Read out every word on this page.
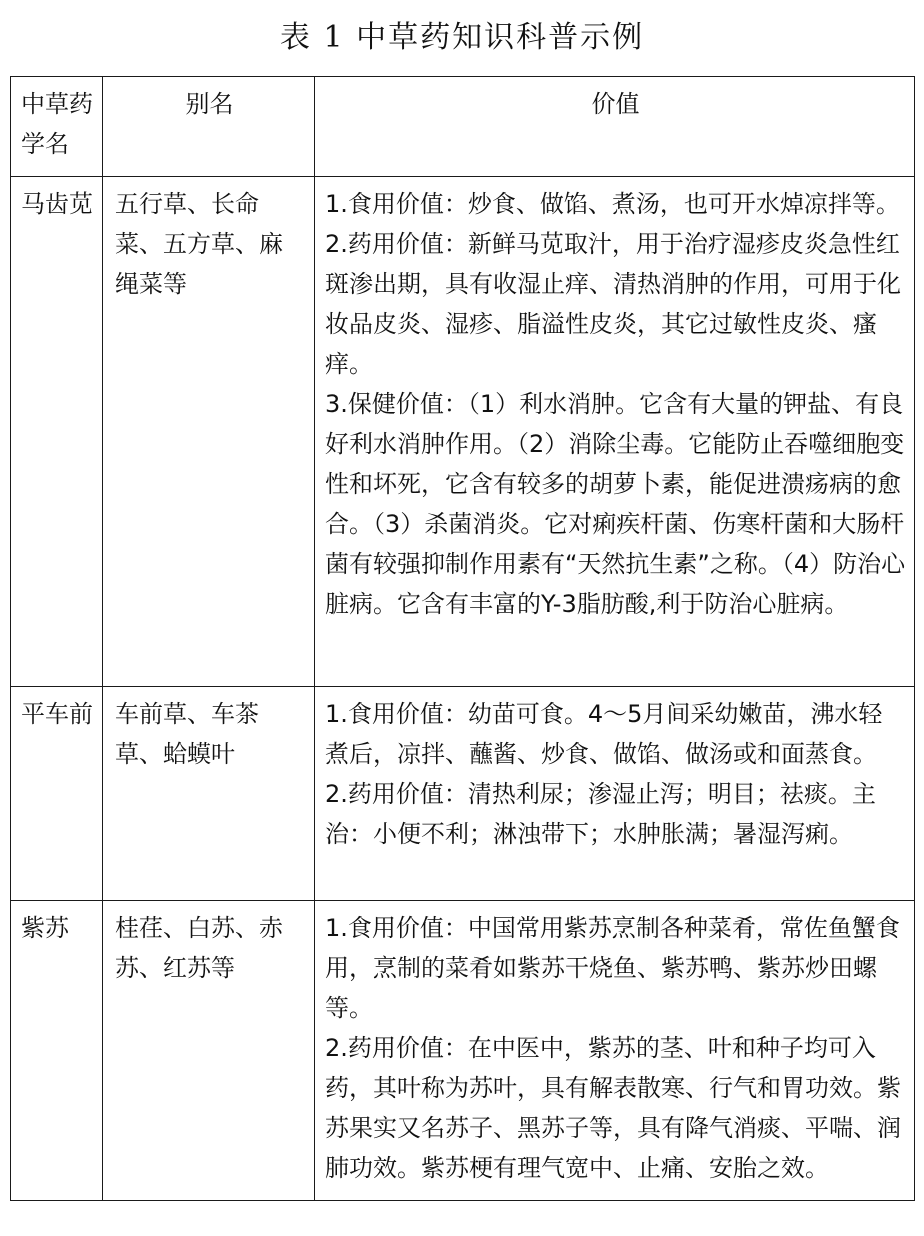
表 1 中草药知识科普示例
中草药学名	别名	价值
马齿苋	五行草、长命菜、五方草、麻绳菜等	1.食用价值：炒食、做馅、煮汤，也可开水焯凉拌等。
2.药用价值：新鲜马苋取汁，用于治疗湿疹皮炎急性红斑渗出期，具有收湿止痒、清热消肿的作用，可用于化妆品皮炎、湿疹、脂溢性皮炎，其它过敏性皮炎、瘙痒。
3.保健价值：（1）利水消肿。它含有大量的钾盐、有良好利水消肿作用。（2）消除尘毒。它能防止吞噬细胞变性和坏死，它含有较多的胡萝卜素，能促进溃疡病的愈合。（3）杀菌消炎。它对痢疾杆菌、伤寒杆菌和大肠杆菌有较强抑制作用素有“天然抗生素”之称。（4）防治心脏病。它含有丰富的Y-3脂肪酸,利于防治心脏病。

平车前	车前草、车茶草、蛤蟆叶	1.食用价值：幼苗可食。4～5月间采幼嫩苗，沸水轻煮后，凉拌、蘸酱、炒食、做馅、做汤或和面蒸食。
2.药用价值：清热利尿；渗湿止泻；明目；祛痰。主治：小便不利；淋浊带下；水肿胀满；暑湿泻痢。

紫苏	桂荏、白苏、赤苏、红苏等	1.食用价值：中国常用紫苏烹制各种菜肴，常佐鱼蟹食用，烹制的菜肴如紫苏干烧鱼、紫苏鸭、紫苏炒田螺等。
2.药用价值：在中医中，紫苏的茎、叶和种子均可入药，其叶称为苏叶，具有解表散寒、行气和胃功效。紫苏果实又名苏子、黑苏子等，具有降气消痰、平喘、润肺功效。紫苏梗有理气宽中、止痛、安胎之效。
